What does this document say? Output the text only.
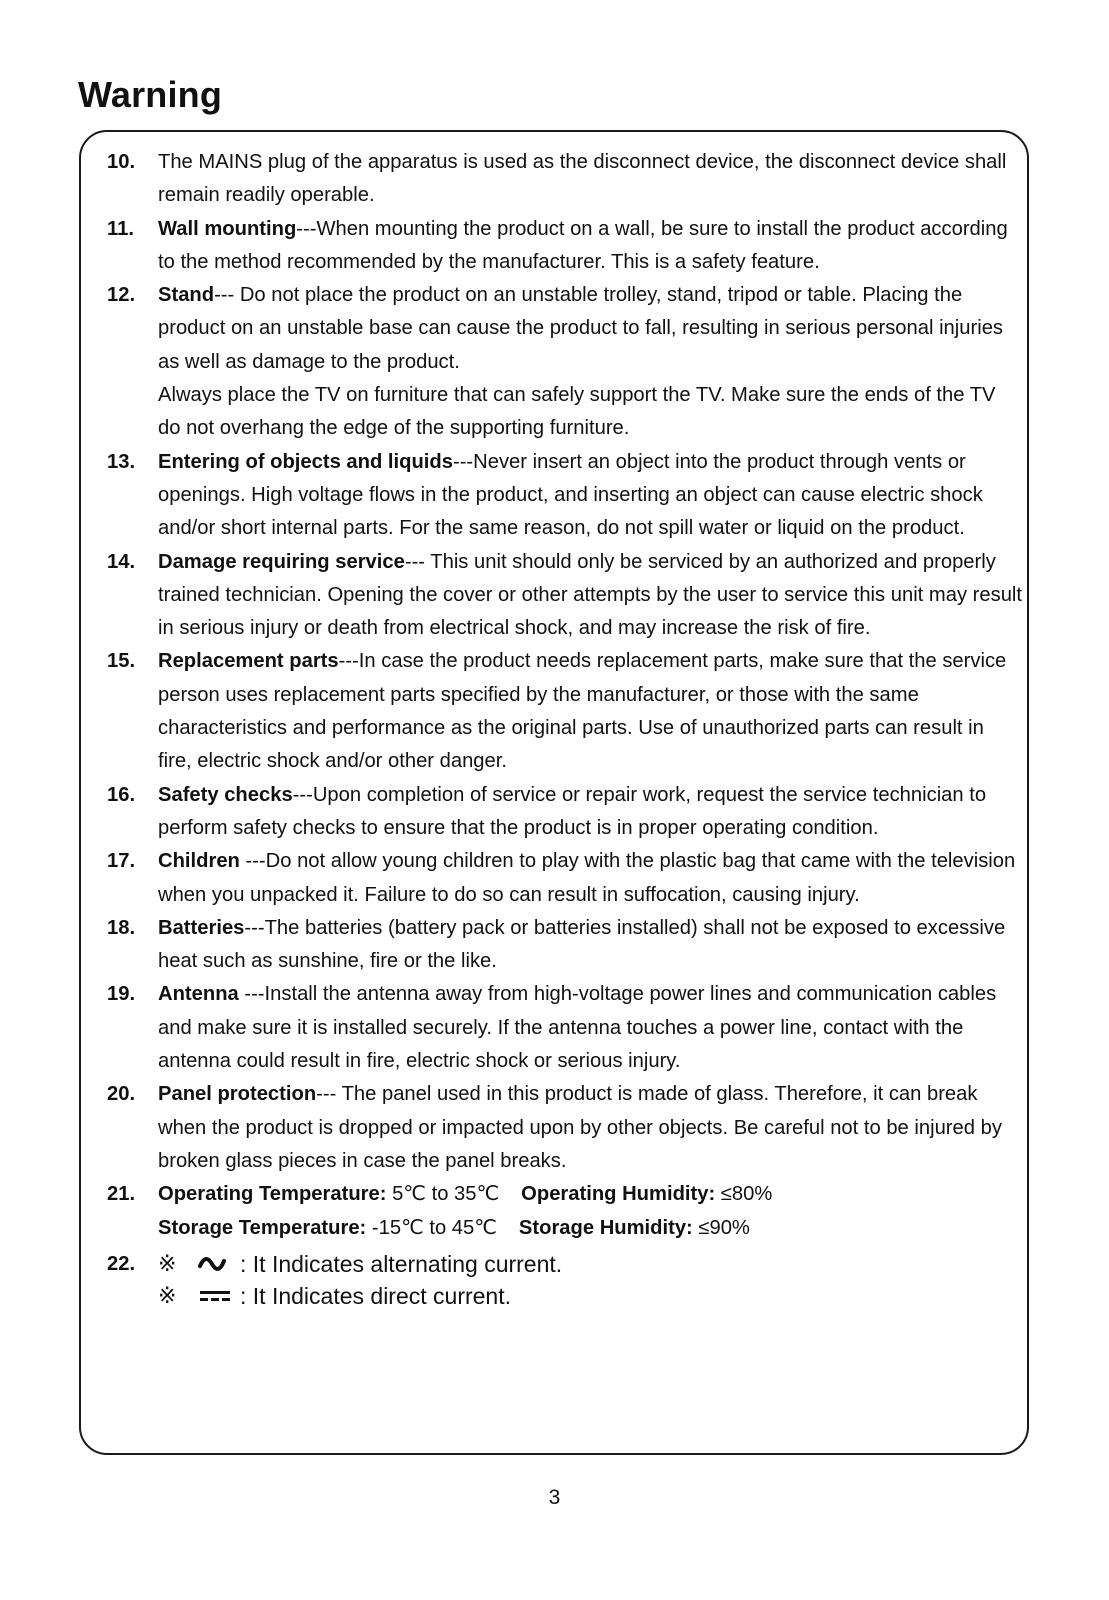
Warning
10. The MAINS plug of the apparatus is used as the disconnect device, the disconnect device shall remain readily operable.

11. Wall mounting---When mounting the product on a wall, be sure to install the product according to the method recommended by the manufacturer. This is a safety feature.

12. Stand--- Do not place the product on an unstable trolley, stand, tripod or table. Placing the product on an unstable base can cause the product to fall, resulting in serious personal injuries as well as damage to the product.

Always place the TV on furniture that can safely support the TV. Make sure the ends of the TV do not overhang the edge of the supporting furniture.

13. Entering of objects and liquids---Never insert an object into the product through vents or openings. High voltage flows in the product, and inserting an object can cause electric shock and/or short internal parts. For the same reason, do not spill water or liquid on the product.

14. Damage requiring service--- This unit should only be serviced by an authorized and properly trained technician. Opening the cover or other attempts by the user to service this unit may result in serious injury or death from electrical shock, and may increase the risk of fire.

15. Replacement parts---In case the product needs replacement parts, make sure that the service person uses replacement parts specified by the manufacturer, or those with the same characteristics and performance as the original parts. Use of unauthorized parts can result in fire, electric shock and/or other danger.

16. Safety checks---Upon completion of service or repair work, request the service technician to perform safety checks to ensure that the product is in proper operating condition.

17. Children ---Do not allow young children to play with the plastic bag that came with the television when you unpacked it. Failure to do so can result in suffocation, causing injury.

18. Batteries---The batteries (battery pack or batteries installed) shall not be exposed to excessive heat such as sunshine, fire or the like.

19. Antenna ---Install the antenna away from high-voltage power lines and communication cables and make sure it is installed securely. If the antenna touches a power line, contact with the antenna could result in fire, electric shock or serious injury.

20. Panel protection--- The panel used in this product is made of glass. Therefore, it can break when the product is dropped or impacted upon by other objects. Be careful not to be injured by broken glass pieces in case the panel breaks.

21. Operating Temperature: 5℃ to 35℃ Operating Humidity: ≤80%

Storage Temperature: -15℃ to 45℃ Storage Humidity: ≤90%

22. ※	: It Indicates alternating current.
※	: It Indicates direct current.
3
